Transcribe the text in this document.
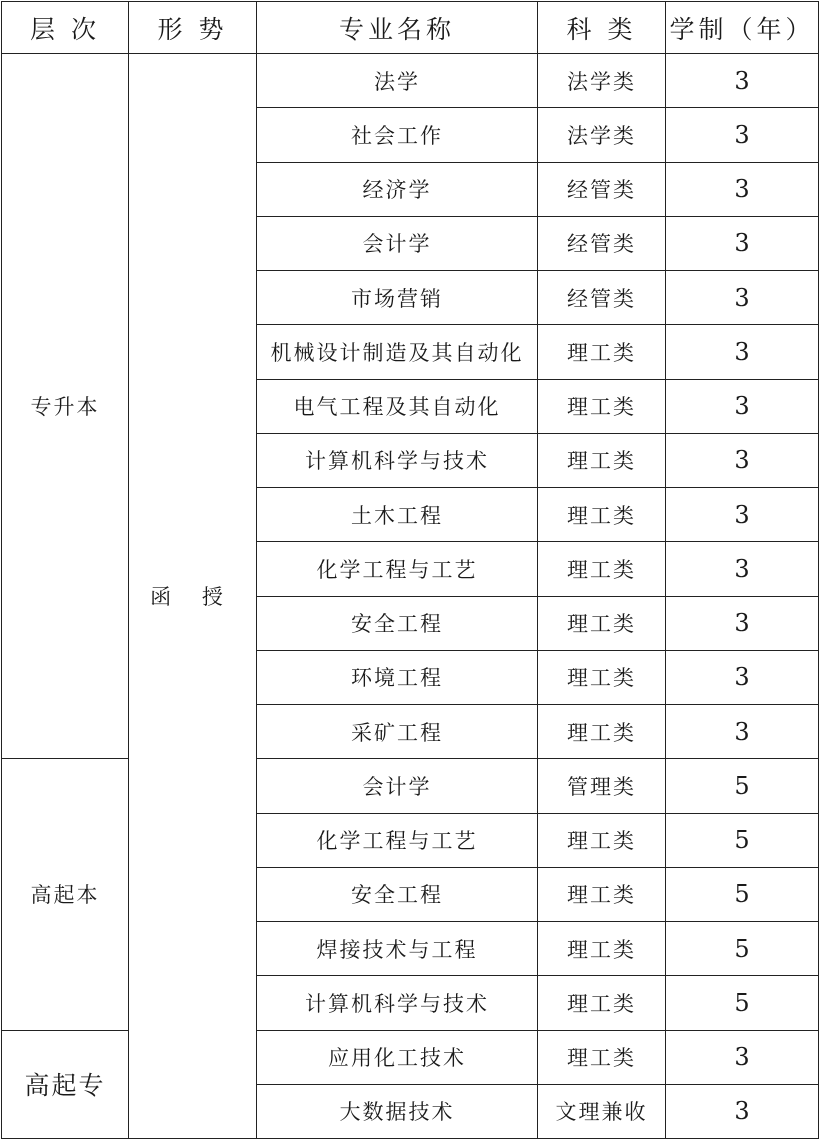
层 次	形 势	专业名称	科 类	学制（年）
专升本	函 授	法学	法学类	3
		社会工作	法学类	3
		经济学	经管类	3
		会计学	经管类	3
		市场营销	经管类	3
		机械设计制造及其自动化	理工类	3
		电气工程及其自动化	理工类	3
		计算机科学与技术	理工类	3
		土木工程	理工类	3
		化学工程与工艺	理工类	3
		安全工程	理工类	3
		环境工程	理工类	3
		采矿工程	理工类	3
高起本		会计学	管理类	5
		化学工程与工艺	理工类	5
		安全工程	理工类	5
		焊接技术与工程	理工类	5
		计算机科学与技术	理工类	5
高起专		应用化工技术	理工类	3
		大数据技术	文理兼收	3
